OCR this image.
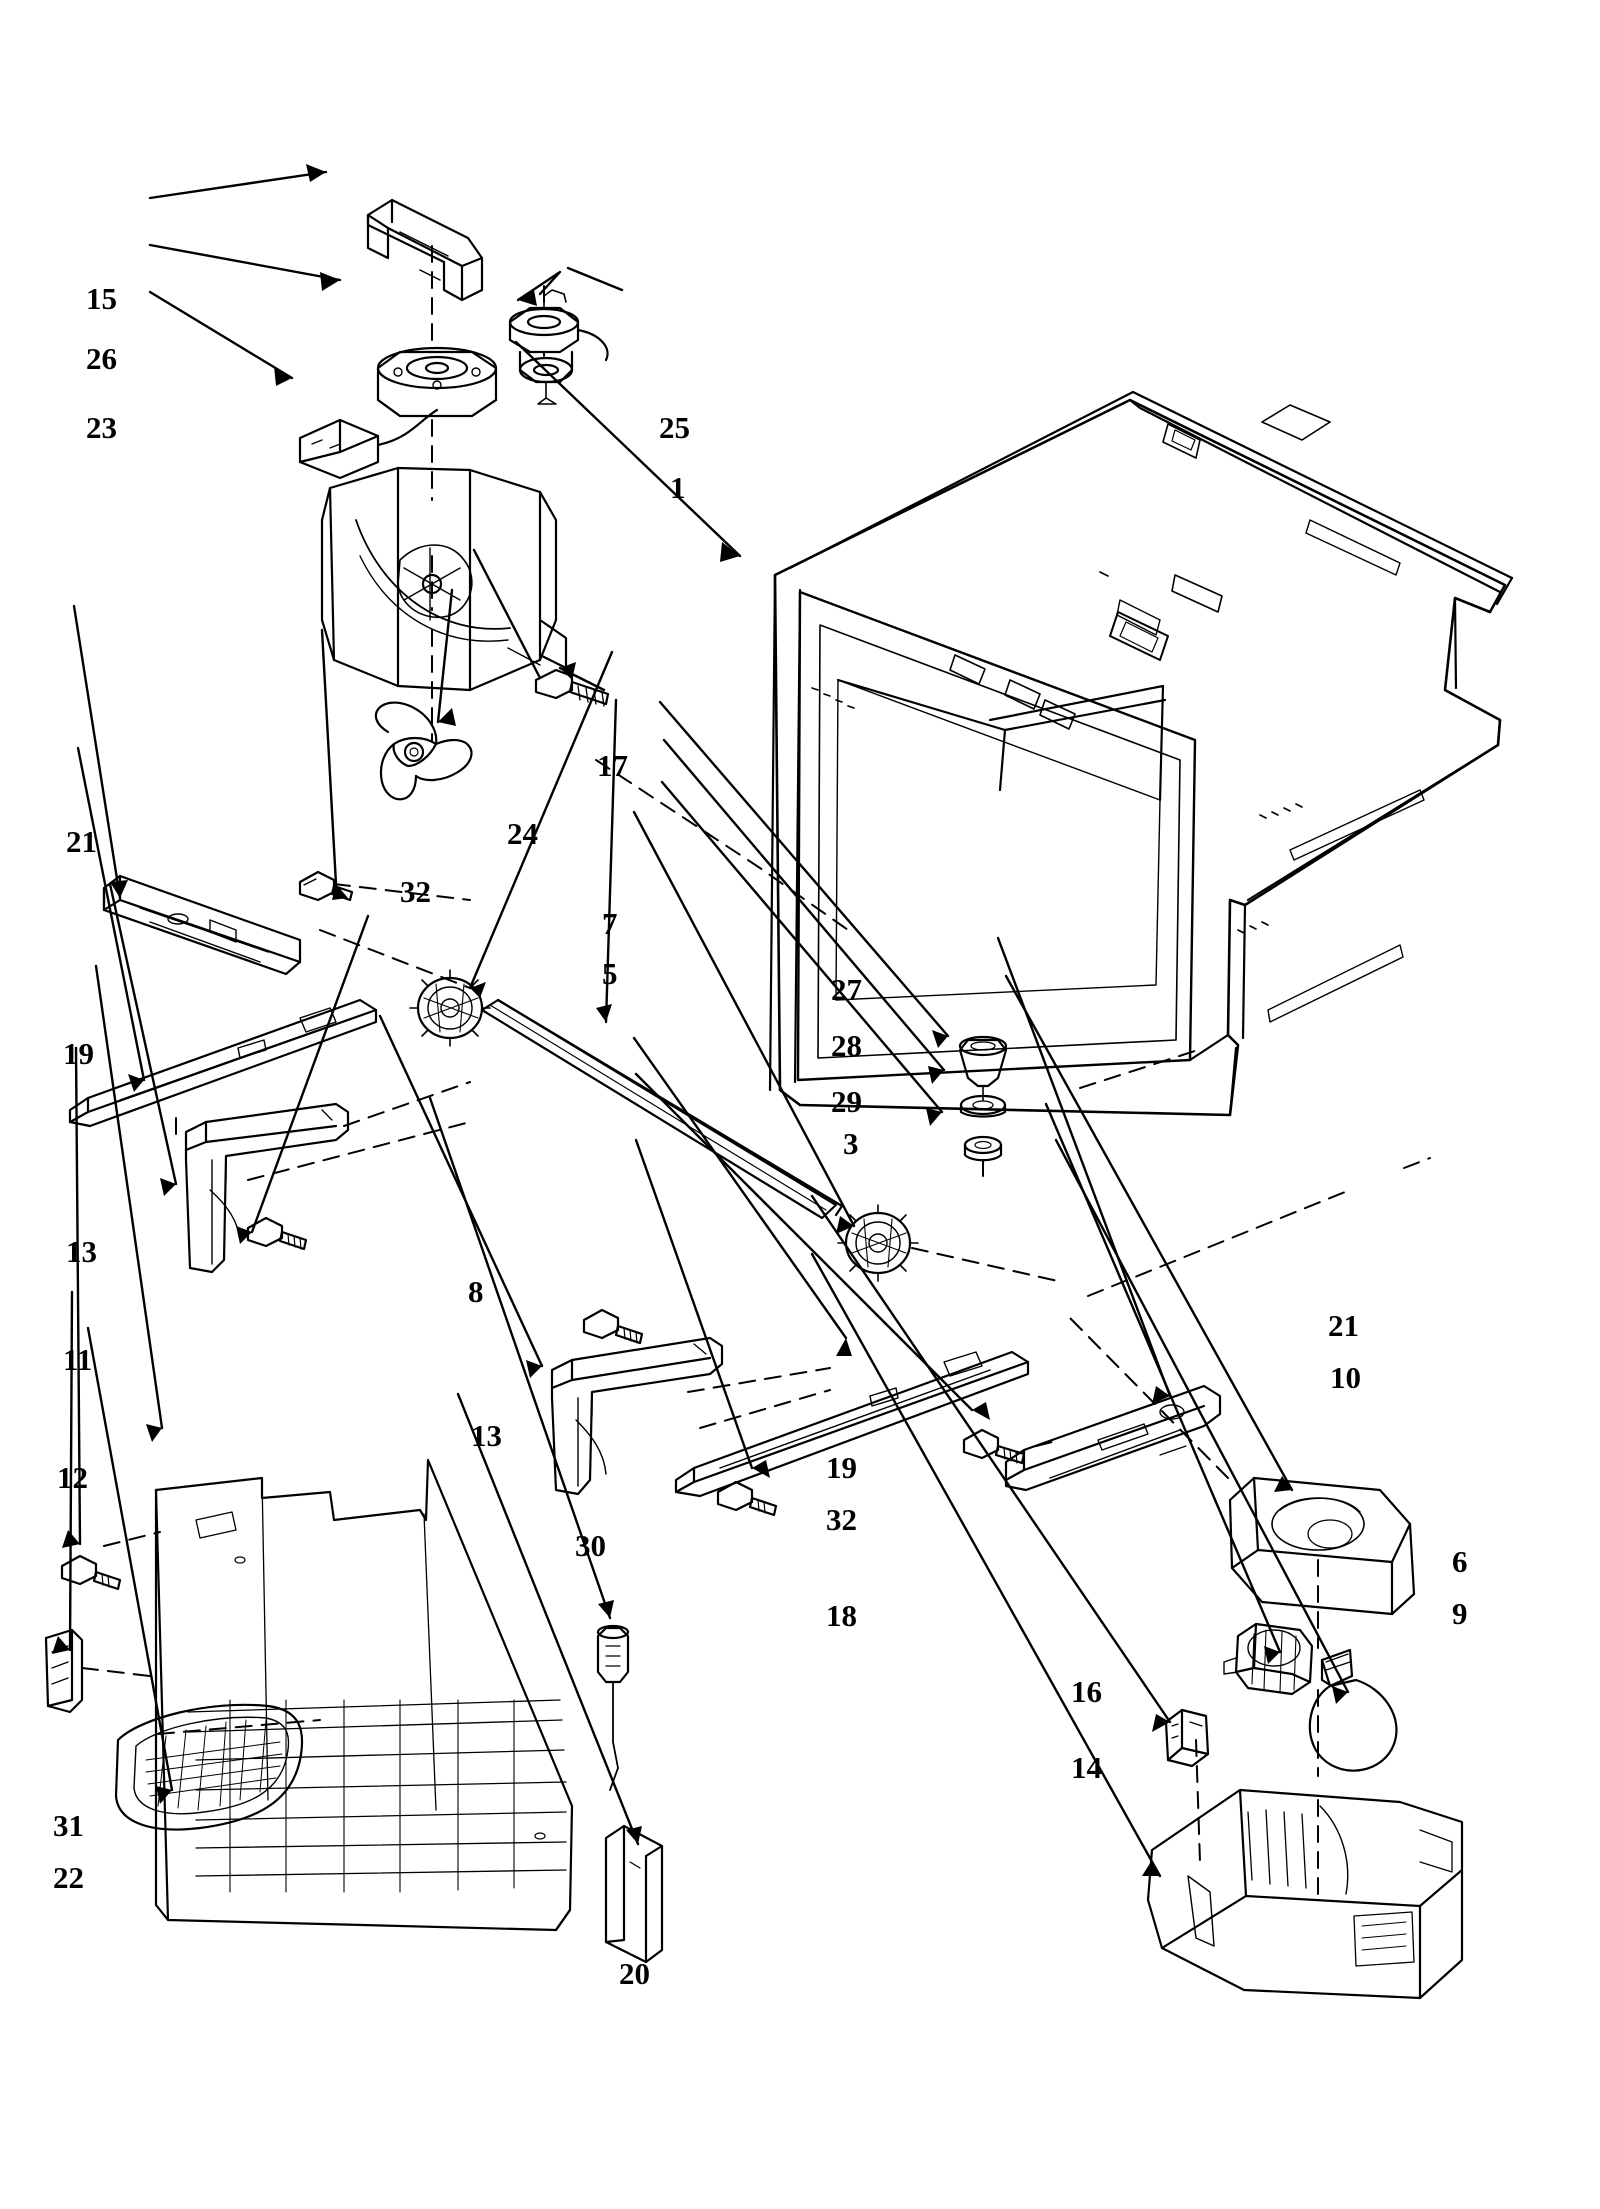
15
26
23	25
1
17
24
21
32
7
5
19
27
28
29
3
13
8
21
10
11
13
19
12
32
18
30	6
9
16
14
31
22
20
